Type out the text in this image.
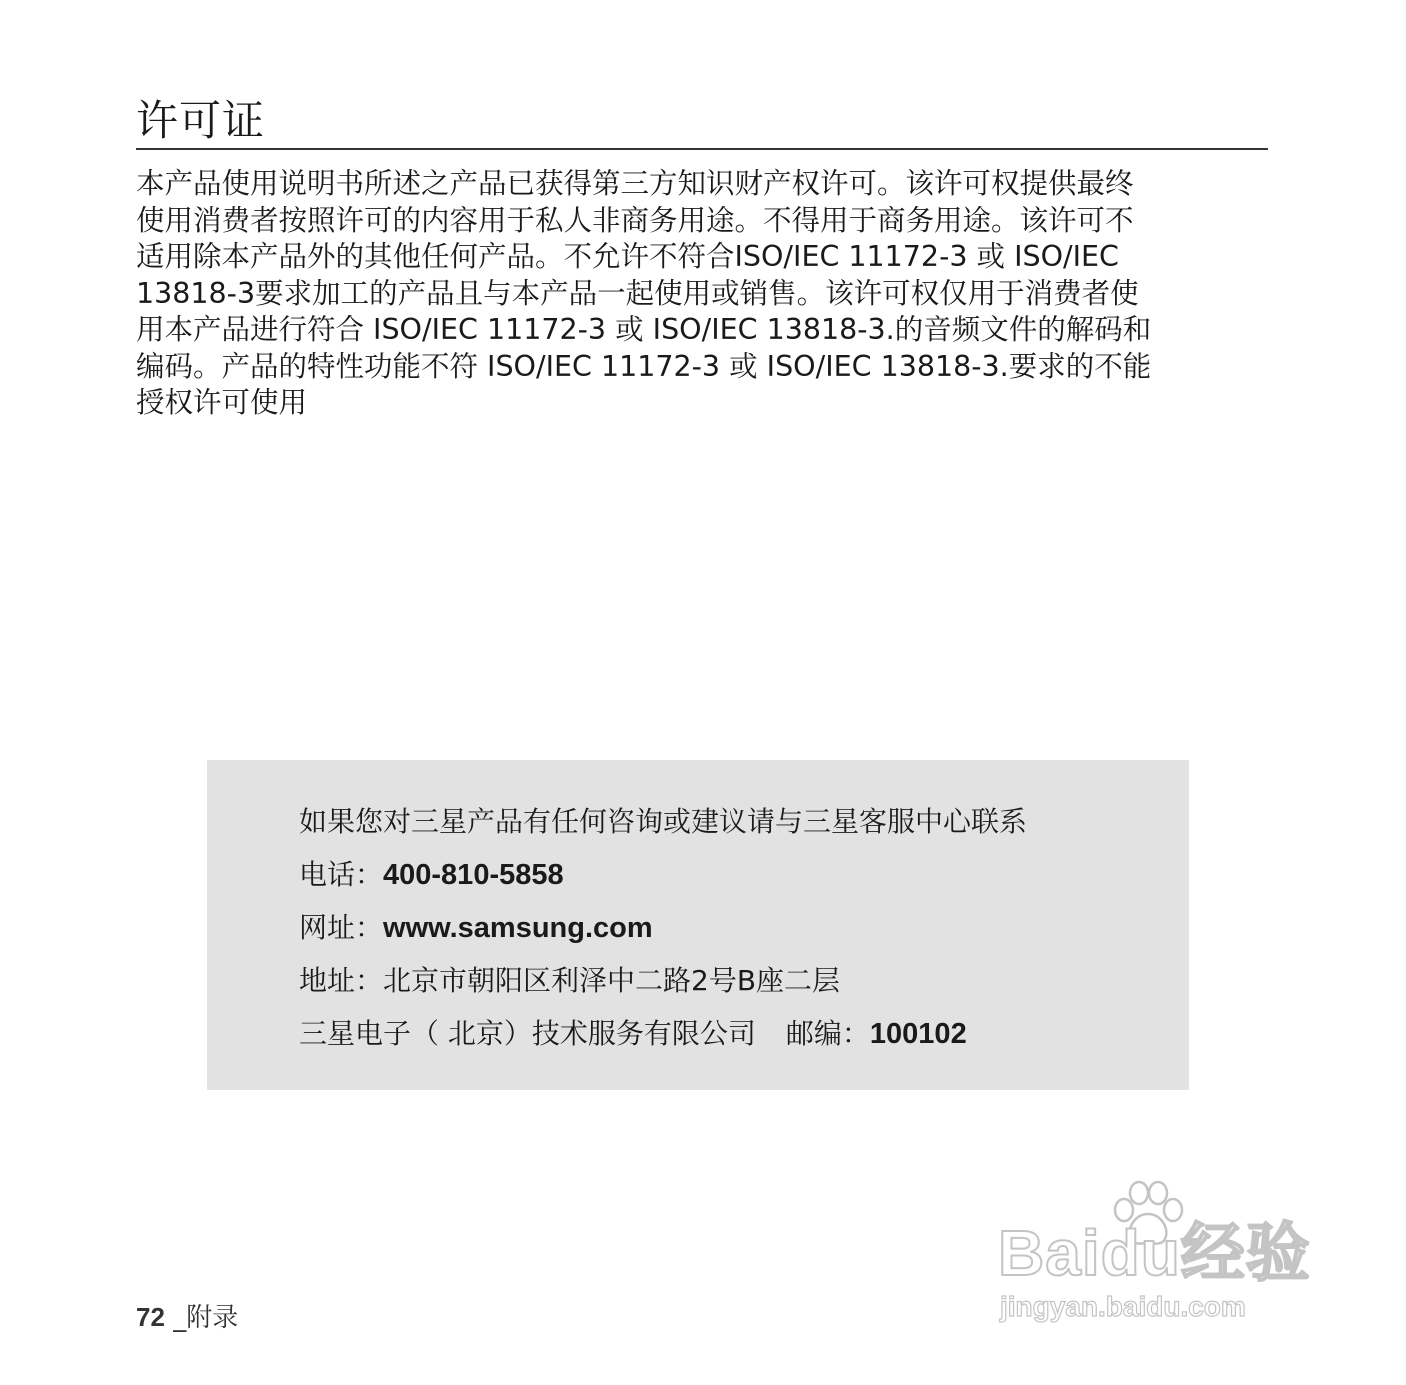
许可证
本产品使用说明书所述之产品已获得第三方知识财产权许可。该许可权提供最终
使用消费者按照许可的内容用于私人非商务用途。不得用于商务用途。该许可不
适用除本产品外的其他任何产品。不允许不符合ISO/IEC 11172-3 或 ISO/IEC
13818-3要求加工的产品且与本产品一起使用或销售。该许可权仅用于消费者使
用本产品进行符合 ISO/IEC 11172-3 或 ISO/IEC 13818-3.的音频文件的解码和
编码。产品的特性功能不符 ISO/IEC 11172-3 或 ISO/IEC 13818-3.要求的不能
授权许可使用
如果您对三星产品有任何咨询或建议请与三星客服中心联系
电话：400-810-5858
网址：www.samsung.com
地址：北京市朝阳区利泽中二路2号B座二层
三星电子（ 北京）技术服务有限公司 邮编：100102
72 _附录
Baidu经验
jingyan.baidu.com
